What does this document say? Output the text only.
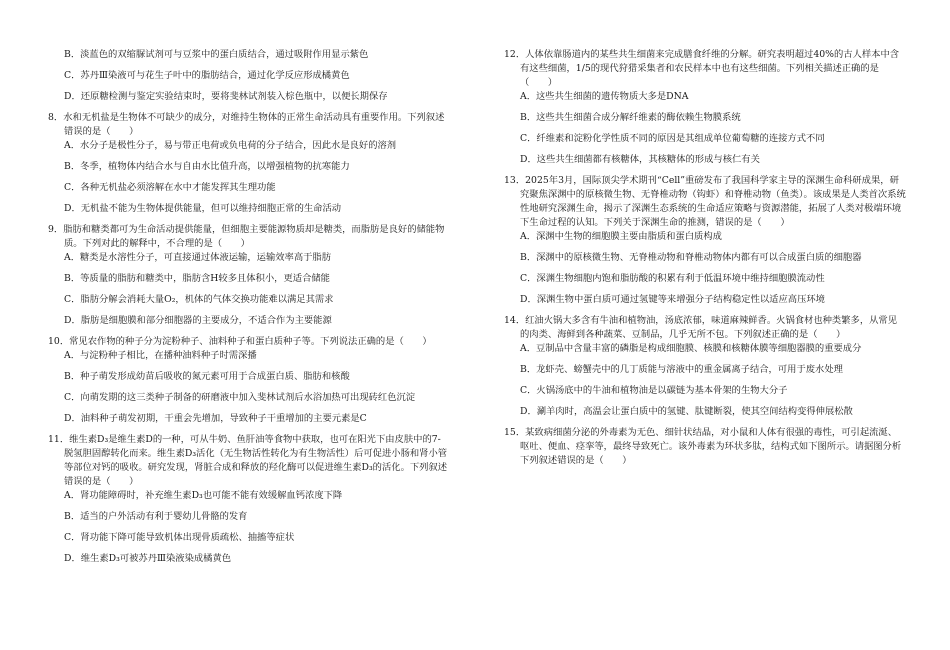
B．淡蓝色的双缩脲试剂可与豆浆中的蛋白质结合，通过吸附作用显示紫色

C．苏丹Ⅲ染液可与花生子叶中的脂肪结合，通过化学反应形成橘黄色

D．还原糖检测与鉴定实验结束时，要将斐林试剂装入棕色瓶中，以便长期保存

8．水和无机盐是生物体不可缺少的成分，对维持生物体的正常生命活动具有重要作用。下列叙述错误的是（　　）

A．水分子是极性分子，易与带正电荷或负电荷的分子结合，因此水是良好的溶剂

B．冬季，植物体内结合水与自由水比值升高，以增强植物的抗寒能力

C．各种无机盐必须溶解在水中才能发挥其生理功能

D．无机盐不能为生物体提供能量，但可以维持细胞正常的生命活动

9．脂肪和糖类都可为生命活动提供能量，但细胞主要能源物质却是糖类，而脂肪是良好的储能物质。下列对此的解释中，不合理的是（　　）

A．糖类是水溶性分子，可直接通过体液运输，运输效率高于脂肪

B．等质量的脂肪和糖类中，脂肪含H较多且体积小，更适合储能

C．脂肪分解会消耗大量O₂，机体的气体交换功能难以满足其需求

D．脂肪是细胞膜和部分细胞器的主要成分，不适合作为主要能源

10．常见农作物的种子分为淀粉种子、油料种子和蛋白质种子等。下列说法正确的是（　　）

A．与淀粉种子相比，在播种油料种子时需深播

B．种子萌发形成幼苗后吸收的氮元素可用于合成蛋白质、脂肪和核酸

C．向萌发期的这三类种子制备的研磨液中加入斐林试剂后水浴加热可出现砖红色沉淀

D．油料种子萌发初期，干重会先增加，导致种子干重增加的主要元素是C

11．维生素D₃是维生素D的一种，可从牛奶、鱼肝油等食物中获取，也可在阳光下由皮肤中的7-脱氢胆固醇转化而来。维生素D₃活化（无生物活性转化为有生物活性）后可促进小肠和肾小管等部位对钙的吸收。研究发现，肾脏合成和释放的羟化酶可以促进维生素D₃的活化。下列叙述错误的是（　　）

A．肾功能障碍时，补充维生素D₃也可能不能有效缓解血钙浓度下降

B．适当的户外活动有利于婴幼儿骨骼的发育

C．肾功能下降可能导致机体出现骨质疏松、抽搐等症状

D．维生素D₃可被苏丹Ⅲ染液染成橘黄色

12．人体依靠肠道内的某些共生细菌来完成膳食纤维的分解。研究表明超过40%的古人样本中含有这些细菌，1/5的现代狩猎采集者和农民样本中也有这些细菌。下列相关描述正确的是（　　）

A．这些共生细菌的遗传物质大多是DNA

B．这些共生细菌合成分解纤维素的酶依赖生物膜系统

C．纤维素和淀粉化学性质不同的原因是其组成单位葡萄糖的连接方式不同

D．这些共生细菌都有核糖体，其核糖体的形成与核仁有关

13．2025年3月，国际顶尖学术期刊“Cell”重磅发布了我国科学家主导的深渊生命科研成果，研究聚焦深渊中的原核微生物、无脊椎动物（钩虾）和脊椎动物（鱼类）。该成果是人类首次系统性地研究深渊生命，揭示了深渊生态系统的生命适应策略与资源潜能，拓展了人类对极端环境下生命过程的认知。下列关于深渊生命的推测，错误的是（　　）

A．深渊中生物的细胞膜主要由脂质和蛋白质构成

B．深渊中的原核微生物、无脊椎动物和脊椎动物体内都有可以合成蛋白质的细胞器

C．深渊生物细胞内饱和脂肪酸的积累有利于低温环境中维持细胞膜流动性

D．深渊生物中蛋白质可通过氢键等来增强分子结构稳定性以适应高压环境

14．红油火锅大多含有牛油和植物油，汤底浓郁，味道麻辣鲜香。火锅食材也种类繁多，从常见的肉类、海鲜到各种蔬菜、豆制品，几乎无所不包。下列叙述正确的是（　　）

A．豆制品中含量丰富的磷脂是构成细胞膜、核膜和核糖体膜等细胞器膜的重要成分

B．龙虾壳、螃蟹壳中的几丁质能与溶液中的重金属离子结合，可用于废水处理

C．火锅汤底中的牛油和植物油是以碳链为基本骨架的生物大分子

D．涮羊肉时，高温会让蛋白质中的氢键、肽键断裂，使其空间结构变得伸展松散

15．某致病细菌分泌的外毒素为无色、细针状结晶，对小鼠和人体有很强的毒性，可引起流涎、呕吐、便血、痉挛等，最终导致死亡。该外毒素为环状多肽，结构式如下图所示。请据图分析下列叙述错误的是（　　）
